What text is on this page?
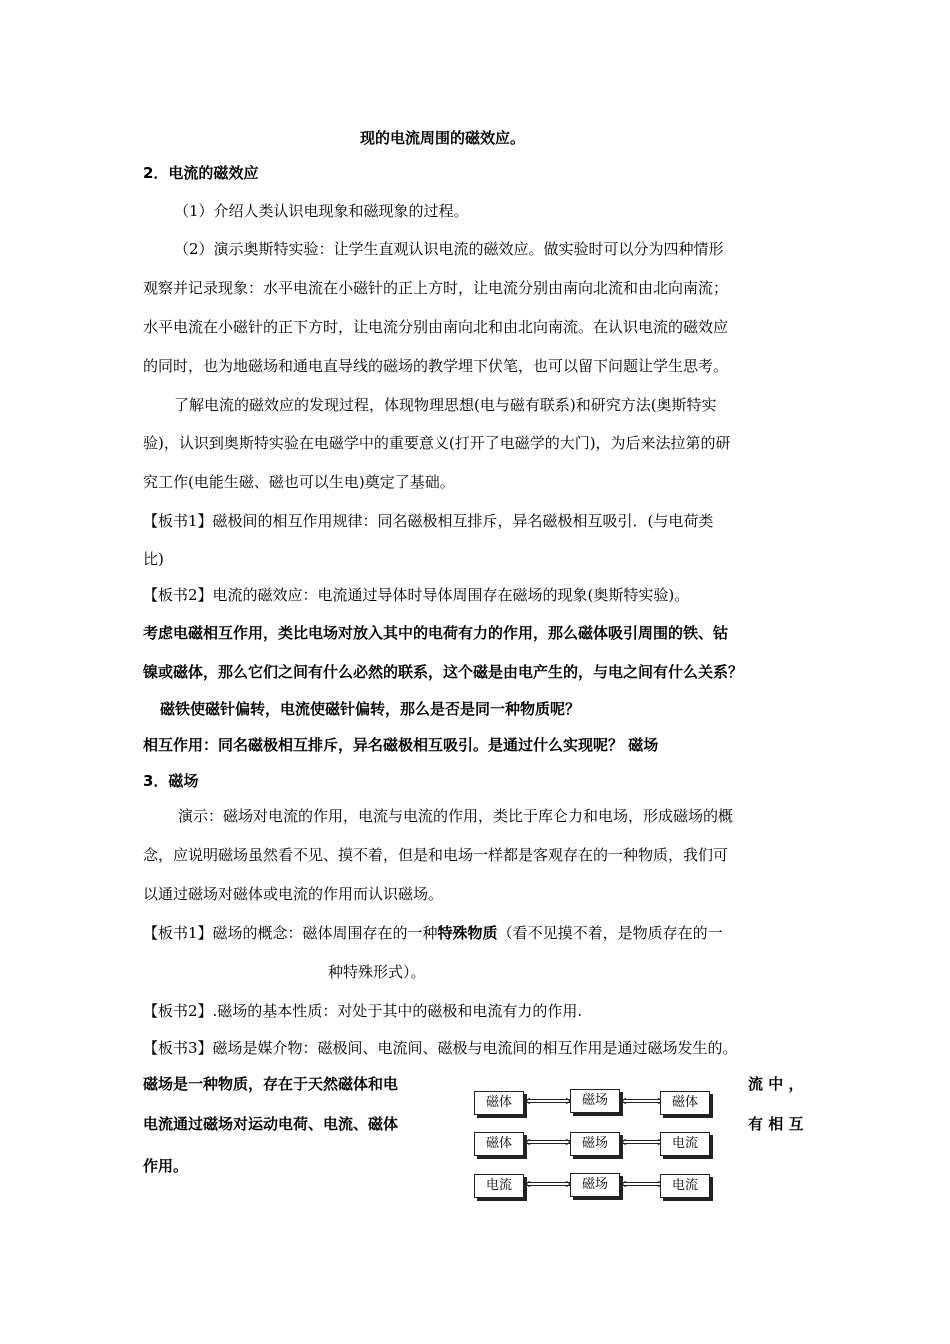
现的电流周围的磁效应。
2．电流的磁效应
（1）介绍人类认识电现象和磁现象的过程。
（2）演示奥斯特实验：让学生直观认识电流的磁效应。做实验时可以分为四种情形
观察并记录现象：水平电流在小磁针的正上方时，让电流分别由南向北流和由北向南流；
水平电流在小磁针的正下方时，让电流分别由南向北和由北向南流。在认识电流的磁效应
的同时，也为地磁场和通电直导线的磁场的教学埋下伏笔，也可以留下问题让学生思考。
了解电流的磁效应的发现过程，体现物理思想(电与磁有联系)和研究方法(奥斯特实
验)，认识到奥斯特实验在电磁学中的重要意义(打开了电磁学的大门)，为后来法拉第的研
究工作(电能生磁、磁也可以生电)奠定了基础。
【板书1】磁极间的相互作用规律：同名磁极相互排斥，异名磁极相互吸引．(与电荷类
比)
【板书2】电流的磁效应：电流通过导体时导体周围存在磁场的现象(奥斯特实验)。
考虑电磁相互作用，类比电场对放入其中的电荷有力的作用，那么磁体吸引周围的铁、钴
镍或磁体，那么它们之间有什么必然的联系，这个磁是由电产生的，与电之间有什么关系？
磁铁使磁针偏转，电流使磁针偏转，那么是否是同一种物质呢？
相互作用：同名磁极相互排斥，异名磁极相互吸引。是通过什么实现呢？ 磁场
3．磁场
演示：磁场对电流的作用，电流与电流的作用，类比于库仑力和电场，形成磁场的概
念，应说明磁场虽然看不见、摸不着，但是和电场一样都是客观存在的一种物质，我们可
以通过磁场对磁体或电流的作用而认识磁场。
【板书1】磁场的概念：磁体周围存在的一种特殊物质（看不见摸不着，是物质存在的一
种特殊形式）。
【板书2】.磁场的基本性质：对处于其中的磁极和电流有力的作用.
【板书3】磁场是媒介物：磁极间、电流间、磁极与电流间的相互作用是通过磁场发生的。
磁场是一种物质，存在于天然磁体和电	流 中 ，
电流通过磁场对运动电荷、电流、磁体	有 相 互
作用。
磁体	磁场	磁体
磁体	磁场	电流
电流	磁场	电流
